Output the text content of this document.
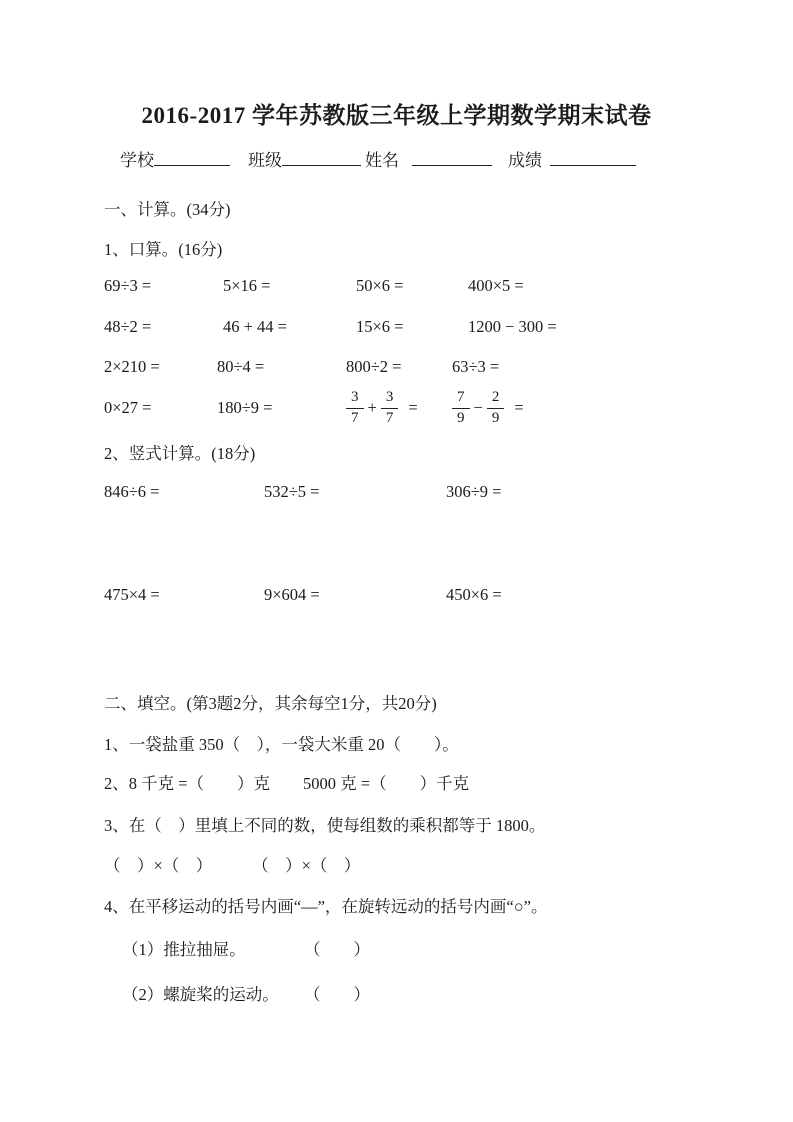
2016-2017 学年苏教版三年级上学期数学期末试卷
学校	班级	姓名	成绩
一、计算。(34分)
1、口算。(16分)
69÷3 =	5×16 =	50×6 =	400×5 =
48÷2 =	46 + 44 =	15×6 =	1200 − 300 =
2×210 =	80÷4 =	800÷2 =	63÷3 =
0×27 =	180÷9 =	$\frac{3}{7} + \frac{3}{7}$ =	$\frac{7}{9} - \frac{2}{9}$ =
2、竖式计算。(18分)
846÷6 =	532÷5 =	306÷9 =
475×4 =	9×604 =	450×6 =
二、填空。(第3题2分，其余每空1分，共20分)
1、一袋盐重 350（　），一袋大米重 20（　　）。
2、8 千克 =（　　）克　　5000 克 =（　　）千克
3、在（　）里填上不同的数，使每组数的乘积都等于 1800。
（　）×（　）	（　）×（　）
4、在平移运动的括号内画“—”，在旋转远动的括号内画“○”。
（1）推拉抽屉。	（　　）
（2）螺旋桨的运动。 （　　）
